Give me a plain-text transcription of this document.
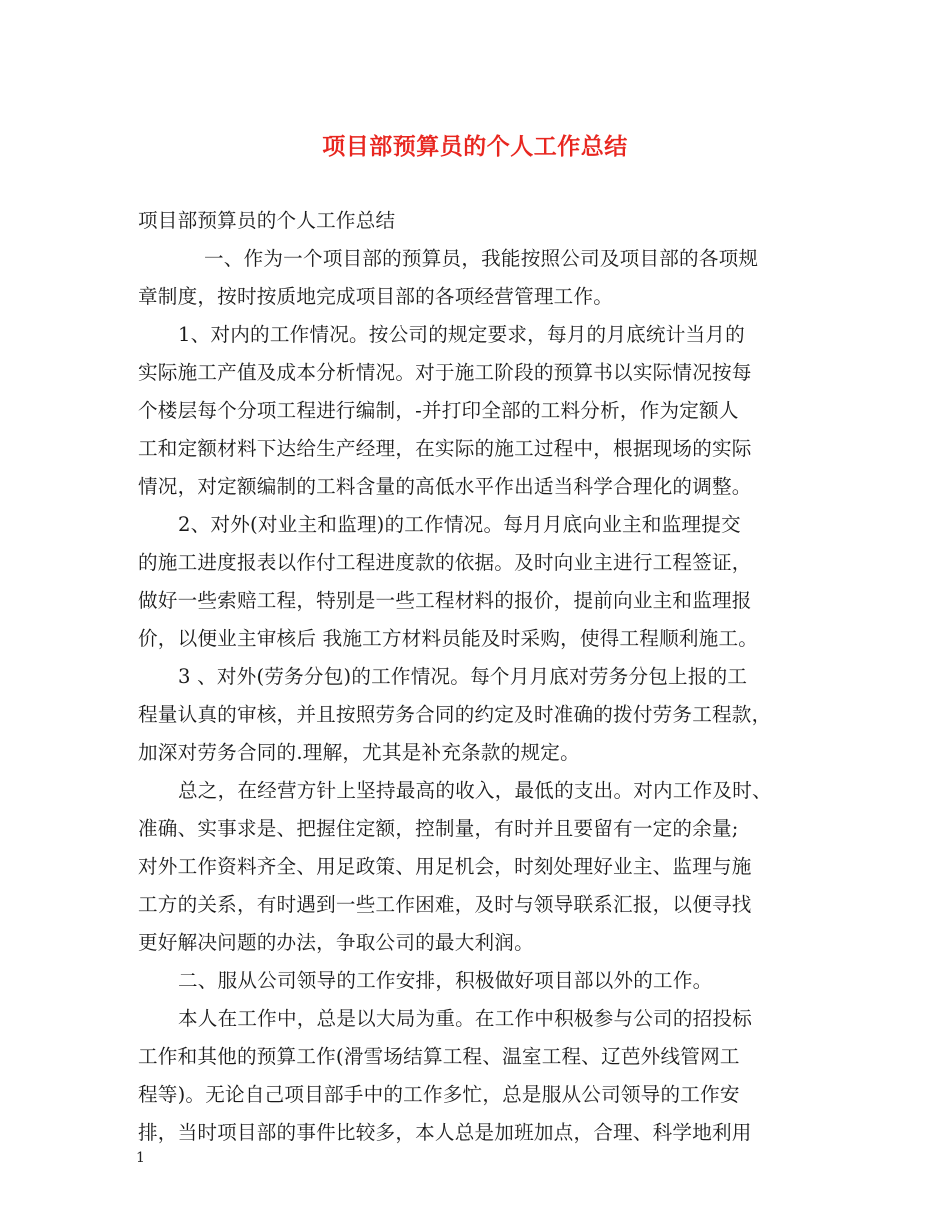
项目部预算员的个人工作总结
项目部预算员的个人工作总结
一、作为一个项目部的预算员，我能按照公司及项目部的各项规
章制度，按时按质地完成项目部的各项经营管理工作。
1、对内的工作情况。按公司的规定要求，每月的月底统计当月的
实际施工产值及成本分析情况。对于施工阶段的预算书以实际情况按每
个楼层每个分项工程进行编制，-并打印全部的工料分析，作为定额人
工和定额材料下达给生产经理，在实际的施工过程中，根据现场的实际
情况，对定额编制的工料含量的高低水平作出适当科学合理化的调整。
2、对外(对业主和监理)的工作情况。每月月底向业主和监理提交
的施工进度报表以作付工程进度款的依据。及时向业主进行工程签证，
做好一些索赔工程，特别是一些工程材料的报价，提前向业主和监理报
价，以便业主审核后 我施工方材料员能及时采购，使得工程顺利施工。
3 、对外(劳务分包)的工作情况。每个月月底对劳务分包上报的工
程量认真的审核，并且按照劳务合同的约定及时准确的拨付劳务工程款，
加深对劳务合同的.理解，尤其是补充条款的规定。
总之，在经营方针上坚持最高的收入，最低的支出。对内工作及时、
准确、实事求是、把握住定额，控制量，有时并且要留有一定的余量;
对外工作资料齐全、用足政策、用足机会，时刻处理好业主、监理与施
工方的关系，有时遇到一些工作困难，及时与领导联系汇报，以便寻找
更好解决问题的办法，争取公司的最大利润。
二、服从公司领导的工作安排，积极做好项目部以外的工作。
本人在工作中，总是以大局为重。在工作中积极参与公司的招投标
工作和其他的预算工作(滑雪场结算工程、温室工程、辽芭外线管网工
程等)。无论自己项目部手中的工作多忙，总是服从公司领导的工作安
排，当时项目部的事件比较多，本人总是加班加点，合理、科学地利用
1
